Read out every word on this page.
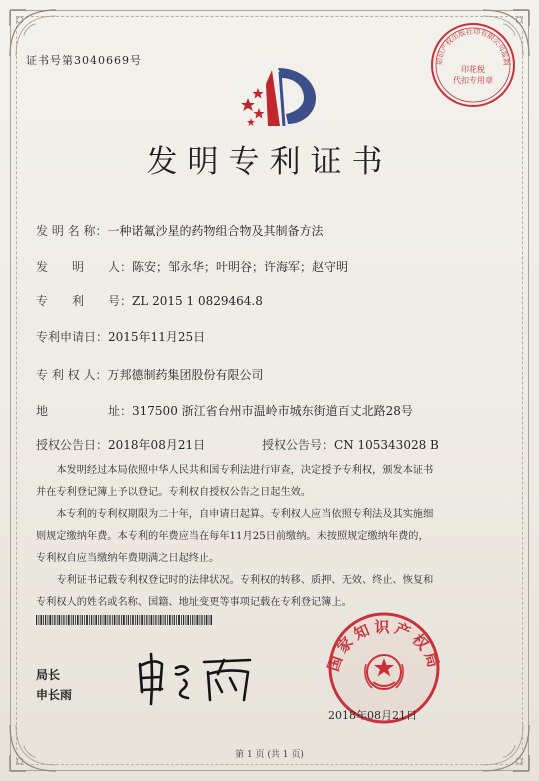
证书号第3040669号	知识产权出版社印有限公司监制
印花税
代扣专用章
发明专利证书
发 明 名 称：一种诺氟沙星的药物组合物及其制备方法
发　　明　　人：陈安；邹永华；叶明谷；许海军；赵守明
专　　利　　号：ZL 2015 1 0829464.8
专利申请日：2015年11月25日
专 利 权 人：万邦德制药集团股份有限公司
地　　　　　址：317500 浙江省台州市温岭市城东街道百丈北路28号
授权公告日：2018年08月21日	授权公告号：CN 105343028 B
　　本发明经过本局依照中华人民共和国专利法进行审查，决定授予专利权，颁发本证书
并在专利登记簿上予以登记。专利权自授权公告之日起生效。
　　本专利的专利权期限为二十年，自申请日起算。专利权人应当依照专利法及其实施细
则规定缴纳年费。本专利的年费应当在每年11月25日前缴纳。未按照规定缴纳年费的，
专利权自应当缴纳年费期满之日起终止。
　　专利证书记载专利权登记时的法律状况。专利权的转移、质押、无效、终止、恢复和
专利权人的姓名或名称、国籍、地址变更等事项记载在专利登记簿上。
局长
申长雨
国家知识产权局
2018年08月21日
第 1 页 (共 1 页)
